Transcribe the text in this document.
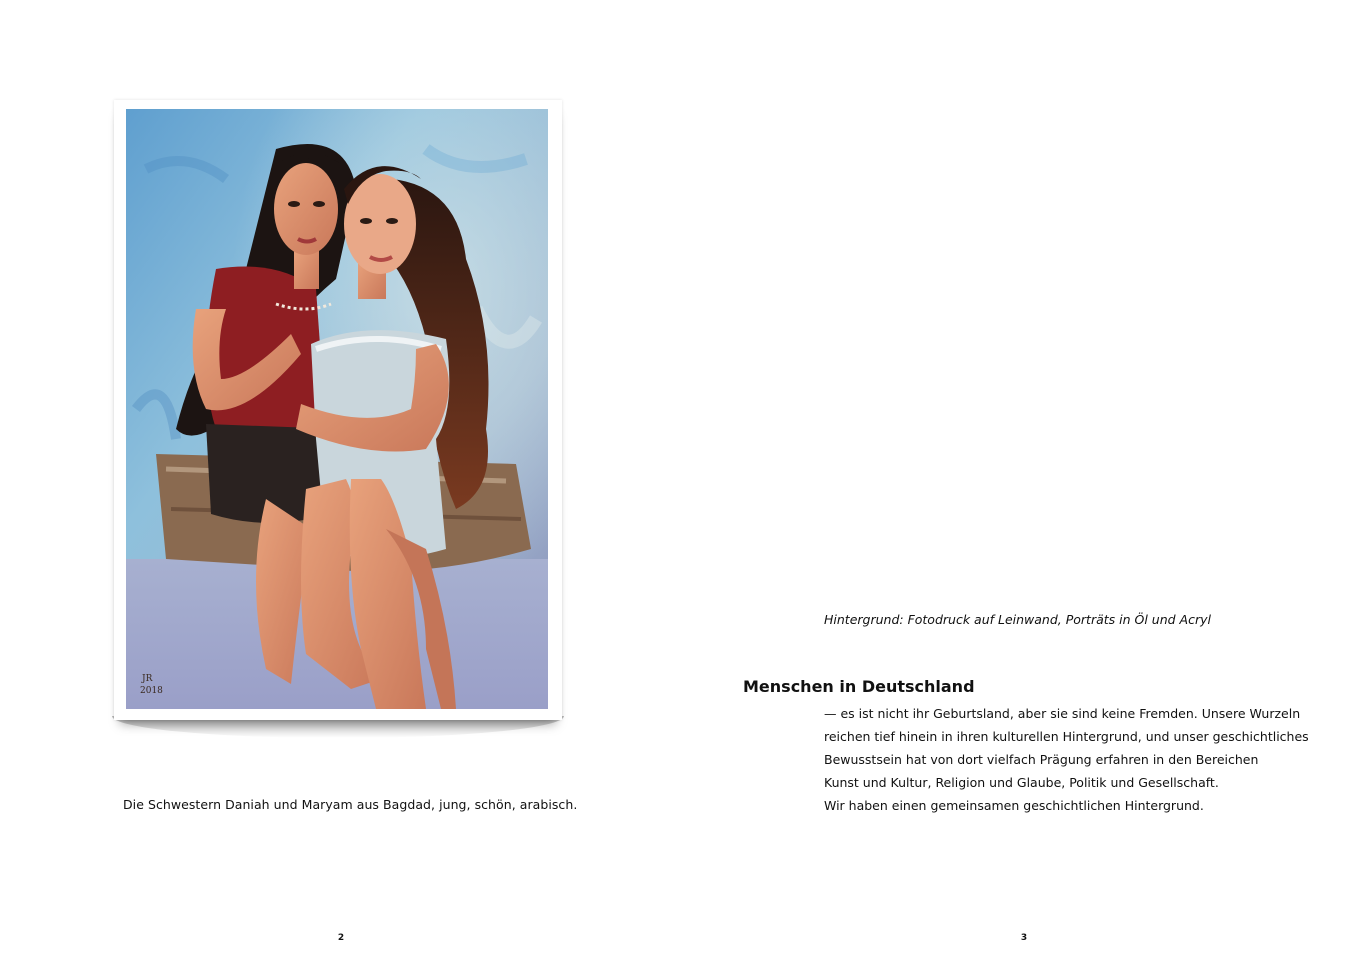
JR
2018
Die Schwestern Daniah und Maryam aus Bagdad, jung, schön, arabisch.
2
Hintergrund: Fotodruck auf Leinwand, Porträts in Öl und Acryl
Menschen in Deutschland
— es ist nicht ihr Geburtsland, aber sie sind keine Fremden. Unsere Wurzeln
reichen tief hinein in ihren kulturellen Hintergrund, und unser geschichtliches
Bewusstsein hat von dort vielfach Prägung erfahren in den Bereichen
Kunst und Kultur, Religion und Glaube, Politik und Gesellschaft.
Wir haben einen gemeinsamen geschichtlichen Hintergrund.
3
